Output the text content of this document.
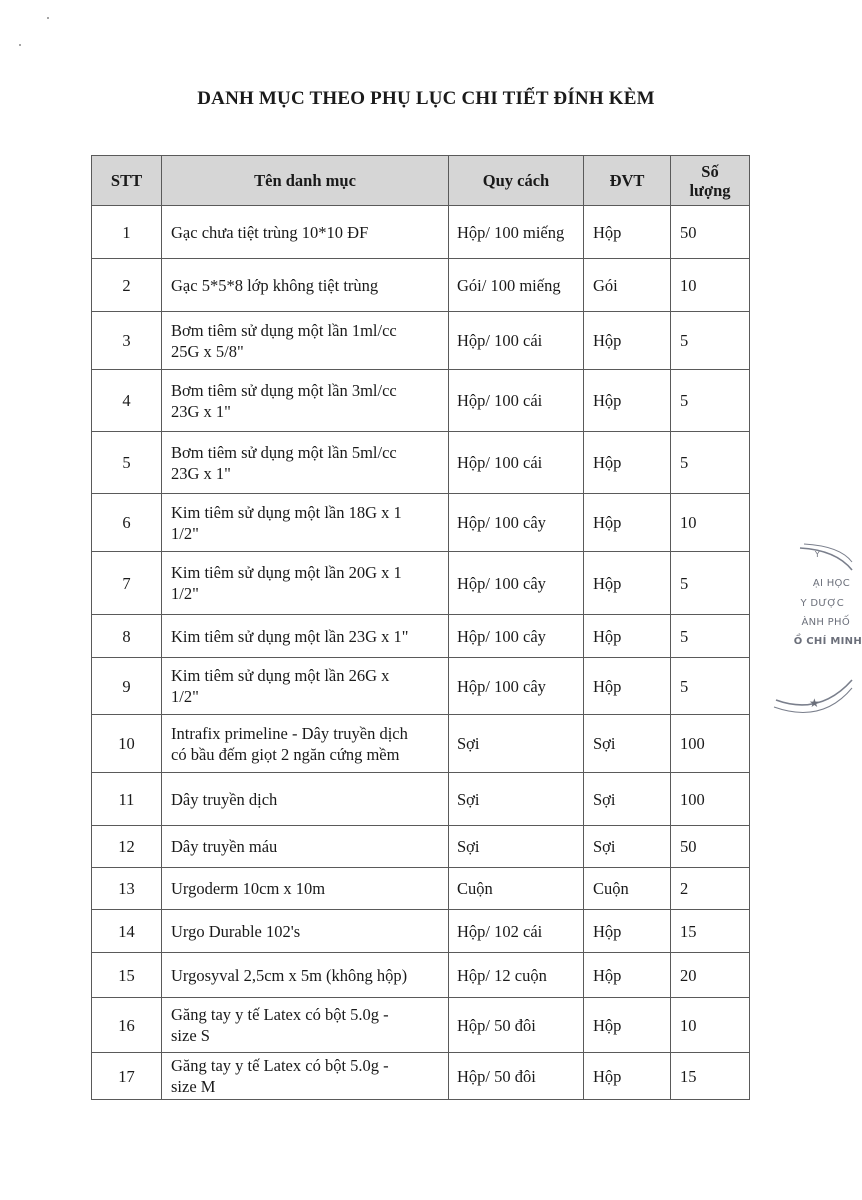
DANH MỤC THEO PHỤ LỤC CHI TIẾT ĐÍNH KÈM
STT	Tên danh mục	Quy cách	ĐVT	Số
lượng
1	Gạc chưa tiệt trùng 10*10 ĐF	Hộp/ 100 miếng	Hộp	50
2	Gạc 5*5*8 lớp không tiệt trùng	Gói/ 100 miếng	Gói	10
3	Bơm tiêm sử dụng một lần 1ml/cc
25G x 5/8"	Hộp/ 100 cái	Hộp	5
4	Bơm tiêm sử dụng một lần 3ml/cc
23G x 1"	Hộp/ 100 cái	Hộp	5
5	Bơm tiêm sử dụng một lần 5ml/cc
23G x 1"	Hộp/ 100 cái	Hộp	5
6	Kim tiêm sử dụng một lần 18G x 1
1/2"	Hộp/ 100 cây	Hộp	10
7	Kim tiêm sử dụng một lần 20G x 1
1/2"	Hộp/ 100 cây	Hộp	5
8	Kim tiêm sử dụng một lần 23G x 1"	Hộp/ 100 cây	Hộp	5
9	Kim tiêm sử dụng một lần 26G x
1/2"	Hộp/ 100 cây	Hộp	5
10	Intrafix primeline - Dây truyền dịch
có bầu đếm giọt 2 ngăn cứng mềm	Sợi	Sợi	100
11	Dây truyền dịch	Sợi	Sợi	100
12	Dây truyền máu	Sợi	Sợi	50
13	Urgoderm 10cm x 10m	Cuộn	Cuộn	2
14	Urgo Durable 102's	Hộp/ 102 cái	Hộp	15
15	Urgosyval 2,5cm x 5m (không hộp)	Hộp/ 12 cuộn	Hộp	20
16	Găng tay y tế Latex có bột 5.0g -
size S	Hộp/ 50 đôi	Hộp	10
17	Găng tay y tế Latex có bột 5.0g -
size M	Hộp/ 50 đôi	Hộp	15
Y
ẠI HỌC
Y DƯỢC
ÀNH PHỐ
Ồ CHÍ MINH
★
